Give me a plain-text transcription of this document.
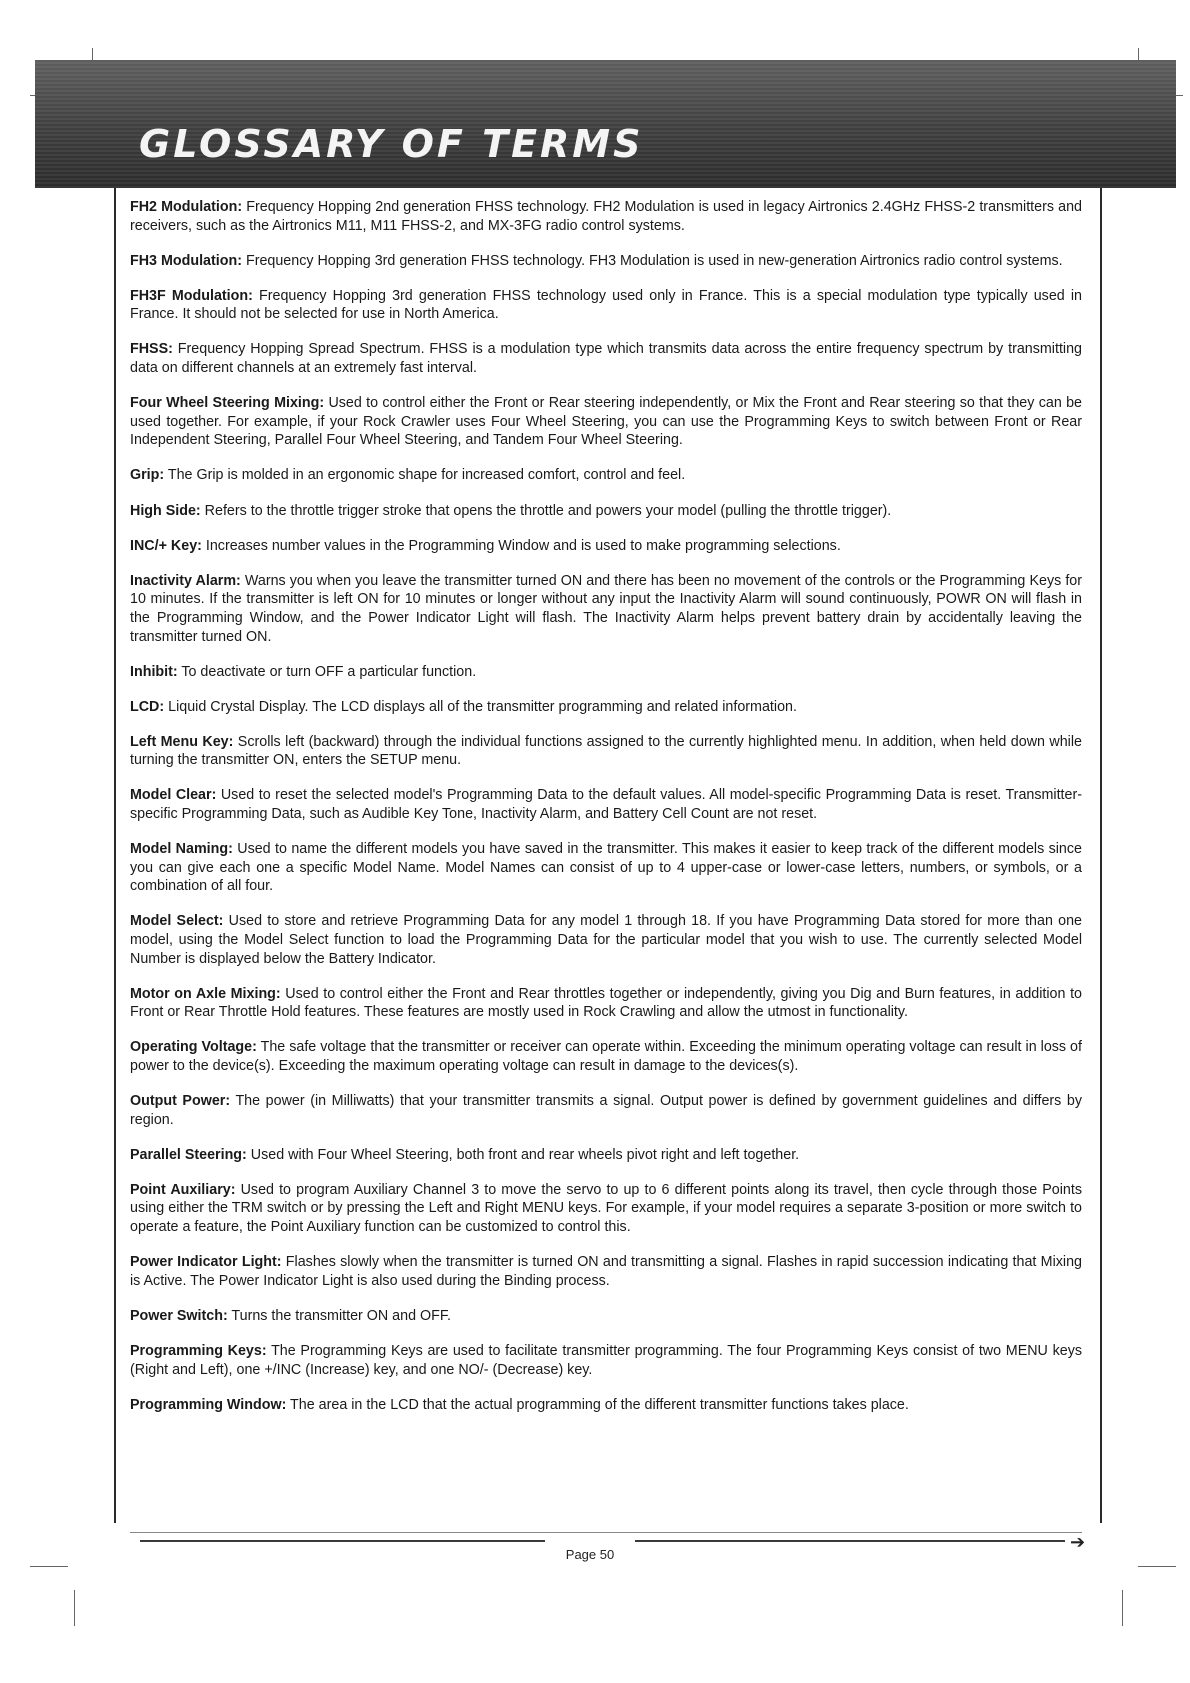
GLOSSARY OF TERMS

FH2 Modulation: Frequency Hopping 2nd generation FHSS technology. FH2 Modulation is used in legacy Airtronics 2.4GHz FHSS-2 transmitters and receivers, such as the Airtronics M11, M11 FHSS-2, and MX-3FG radio control systems.

FH3 Modulation: Frequency Hopping 3rd generation FHSS technology. FH3 Modulation is used in new-generation Airtronics radio control systems.

FH3F Modulation: Frequency Hopping 3rd generation FHSS technology used only in France. This is a special modulation type typically used in France. It should not be selected for use in North America.

FHSS: Frequency Hopping Spread Spectrum. FHSS is a modulation type which transmits data across the entire frequency spectrum by transmitting data on different channels at an extremely fast interval.

Four Wheel Steering Mixing: Used to control either the Front or Rear steering independently, or Mix the Front and Rear steering so that they can be used together. For example, if your Rock Crawler uses Four Wheel Steering, you can use the Programming Keys to switch between Front or Rear Independent Steering, Parallel Four Wheel Steering, and Tandem Four Wheel Steering.

Grip: The Grip is molded in an ergonomic shape for increased comfort, control and feel.

High Side: Refers to the throttle trigger stroke that opens the throttle and powers your model (pulling the throttle trigger).

INC/+ Key: Increases number values in the Programming Window and is used to make programming selections.

Inactivity Alarm: Warns you when you leave the transmitter turned ON and there has been no movement of the controls or the Programming Keys for 10 minutes. If the transmitter is left ON for 10 minutes or longer without any input the Inactivity Alarm will sound continuously, POWR ON will flash in the Programming Window, and the Power Indicator Light will flash. The Inactivity Alarm helps prevent battery drain by accidentally leaving the transmitter turned ON.

Inhibit: To deactivate or turn OFF a particular function.

LCD: Liquid Crystal Display. The LCD displays all of the transmitter programming and related information.

Left Menu Key: Scrolls left (backward) through the individual functions assigned to the currently highlighted menu. In addition, when held down while turning the transmitter ON, enters the SETUP menu.

Model Clear: Used to reset the selected model's Programming Data to the default values. All model-specific Programming Data is reset. Transmitter-specific Programming Data, such as Audible Key Tone, Inactivity Alarm, and Battery Cell Count are not reset.

Model Naming: Used to name the different models you have saved in the transmitter. This makes it easier to keep track of the different models since you can give each one a specific Model Name. Model Names can consist of up to 4 upper-case or lower-case letters, numbers, or symbols, or a combination of all four.

Model Select: Used to store and retrieve Programming Data for any model 1 through 18. If you have Programming Data stored for more than one model, using the Model Select function to load the Programming Data for the particular model that you wish to use. The currently selected Model Number is displayed below the Battery Indicator.

Motor on Axle Mixing: Used to control either the Front and Rear throttles together or independently, giving you Dig and Burn features, in addition to Front or Rear Throttle Hold features. These features are mostly used in Rock Crawling and allow the utmost in functionality.

Operating Voltage: The safe voltage that the transmitter or receiver can operate within. Exceeding the minimum operating voltage can result in loss of power to the device(s). Exceeding the maximum operating voltage can result in damage to the devices(s).

Output Power: The power (in Milliwatts) that your transmitter transmits a signal. Output power is defined by government guidelines and differs by region.

Parallel Steering: Used with Four Wheel Steering, both front and rear wheels pivot right and left together.

Point Auxiliary: Used to program Auxiliary Channel 3 to move the servo to up to 6 different points along its travel, then cycle through those Points using either the TRM switch or by pressing the Left and Right MENU keys. For example, if your model requires a separate 3-position or more switch to operate a feature, the Point Auxiliary function can be customized to control this.

Power Indicator Light: Flashes slowly when the transmitter is turned ON and transmitting a signal. Flashes in rapid succession indicating that Mixing is Active. The Power Indicator Light is also used during the Binding process.

Power Switch: Turns the transmitter ON and OFF.

Programming Keys: The Programming Keys are used to facilitate transmitter programming. The four Programming Keys consist of two MENU keys (Right and Left), one +/INC (Increase) key, and one NO/- (Decrease) key.

Programming Window: The area in the LCD that the actual programming of the different transmitter functions takes place.

Page 50
➔
